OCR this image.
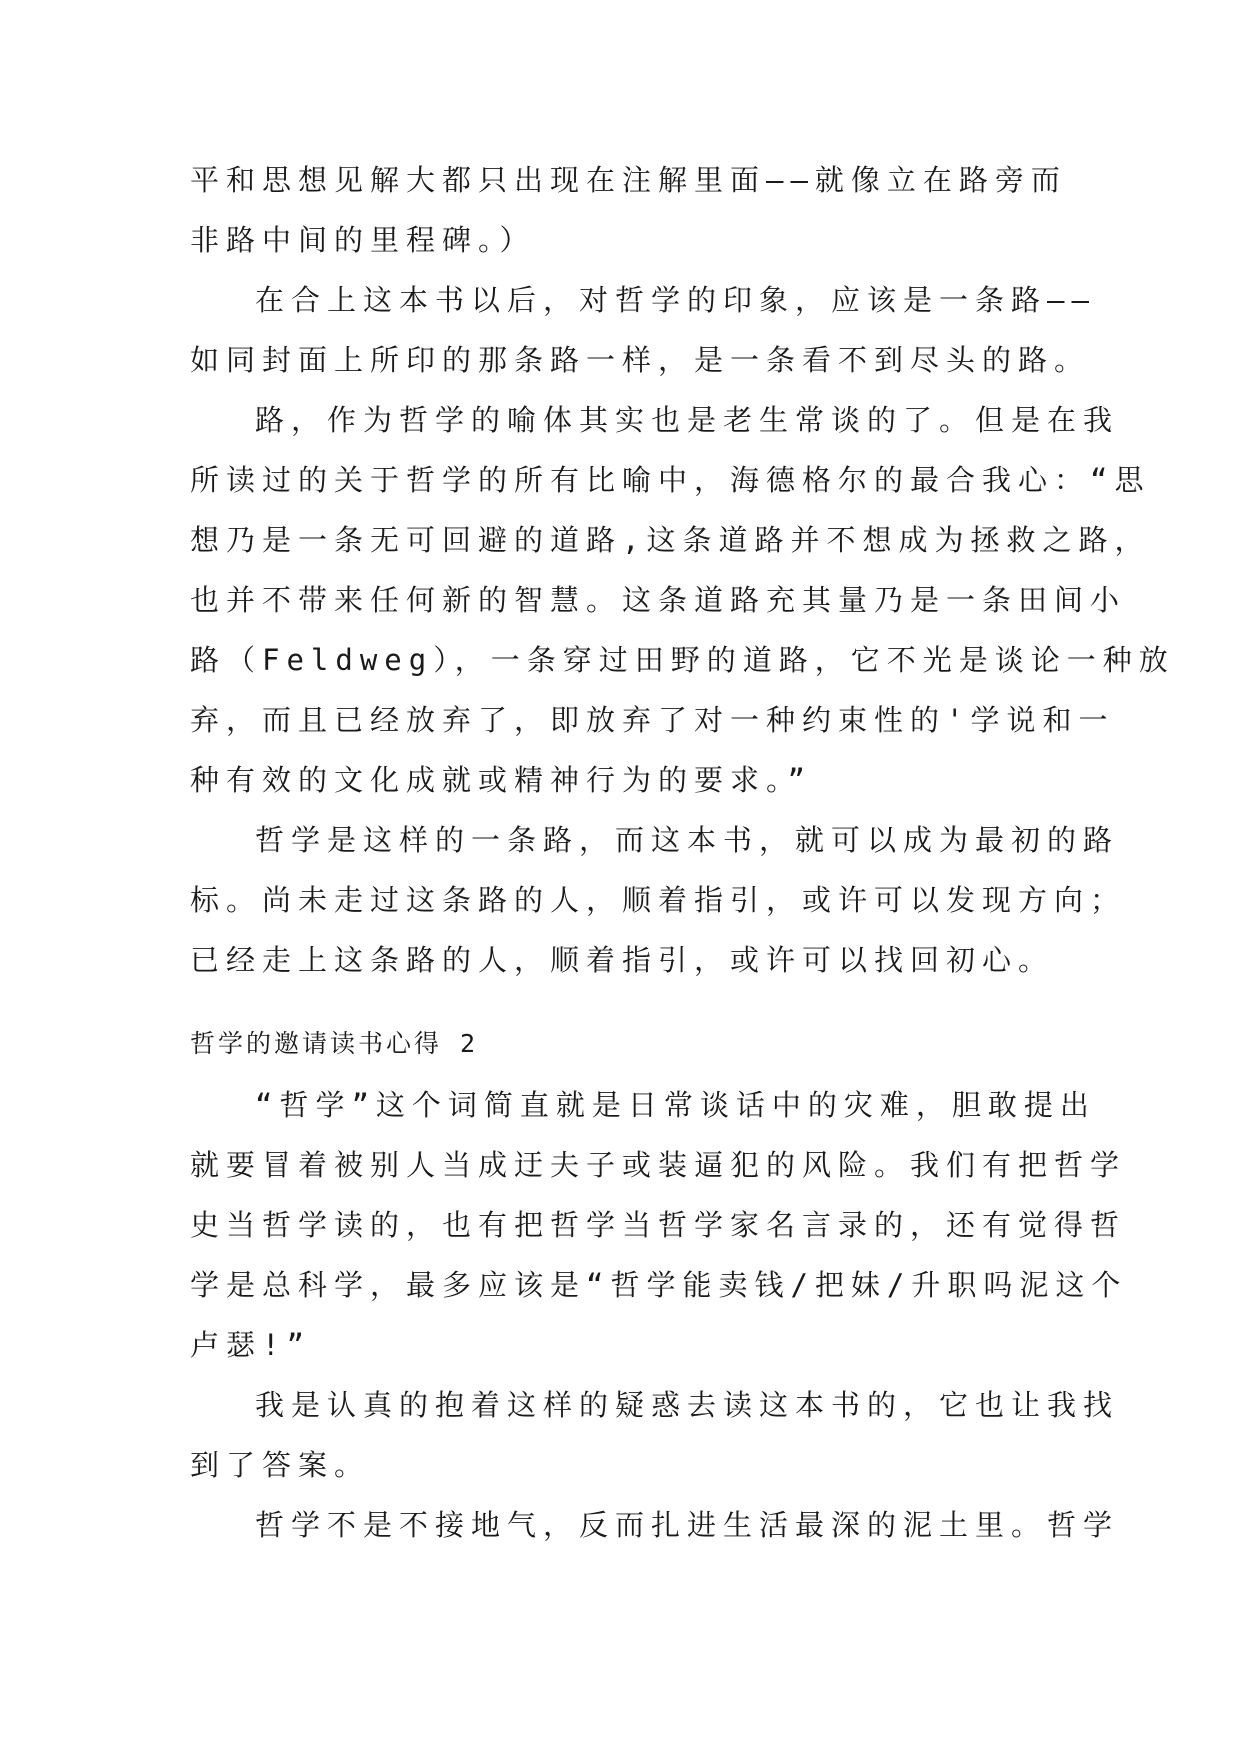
平和思想见解大都只出现在注解里面——就像立在路旁而
非路中间的里程碑。）
在合上这本书以后，对哲学的印象，应该是一条路——
如同封面上所印的那条路一样，是一条看不到尽头的路。
路，作为哲学的喻体其实也是老生常谈的了。但是在我
所读过的关于哲学的所有比喻中，海德格尔的最合我心：“思
想乃是一条无可回避的道路,这条道路并不想成为拯救之路，
也并不带来任何新的智慧。这条道路充其量乃是一条田间小
路（Feldweg），一条穿过田野的道路，它不光是谈论一种放
弃，而且已经放弃了，即放弃了对一种约束性的'学说和一
种有效的文化成就或精神行为的要求。”
哲学是这样的一条路，而这本书，就可以成为最初的路
标。尚未走过这条路的人，顺着指引，或许可以发现方向；
已经走上这条路的人，顺着指引，或许可以找回初心。
哲学的邀请读书心得 2
“哲学”这个词简直就是日常谈话中的灾难，胆敢提出
就要冒着被别人当成迂夫子或装逼犯的风险。我们有把哲学
史当哲学读的，也有把哲学当哲学家名言录的，还有觉得哲
学是总科学，最多应该是“哲学能卖钱/把妹/升职吗泥这个
卢瑟!”
我是认真的抱着这样的疑惑去读这本书的，它也让我找
到了答案。
哲学不是不接地气，反而扎进生活最深的泥土里。哲学
